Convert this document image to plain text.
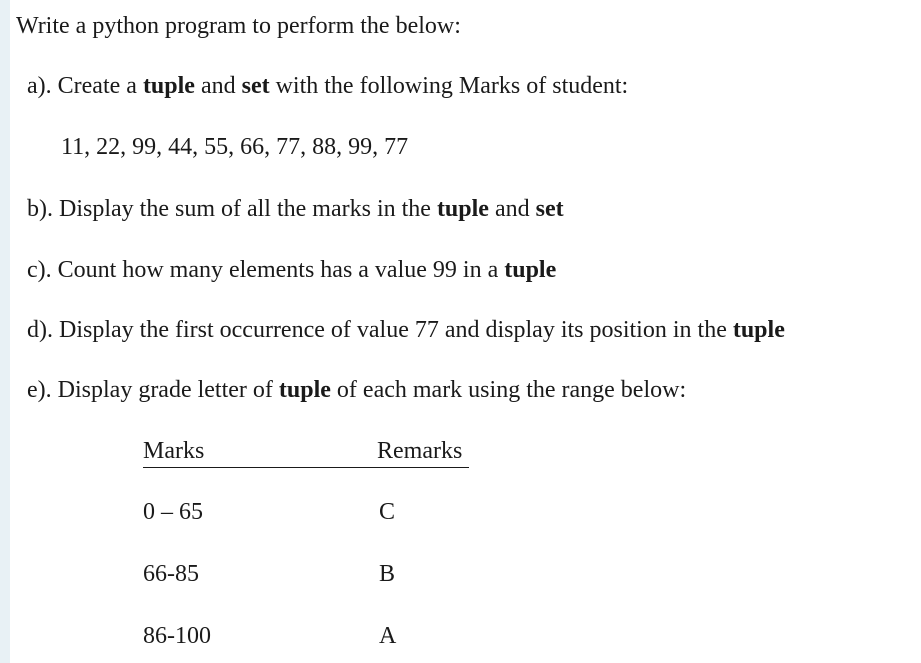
Write a python program to perform the below:
a). Create a tuple and set with the following Marks of student:
11, 22, 99, 44, 55, 66, 77, 88, 99, 77
b). Display the sum of all the marks in the tuple and set
c). Count how many elements has a value 99 in a tuple
d). Display the first occurrence of value 77 and display its position in the tuple
e). Display grade letter of tuple of each mark using the range below:
Marks	Remarks
0 – 65	C
66-85	B
86-100	A
